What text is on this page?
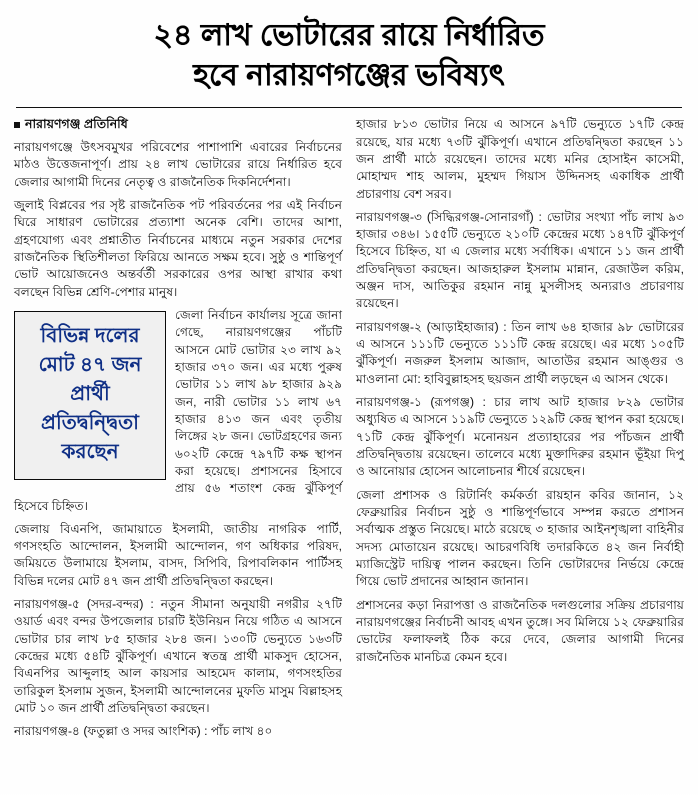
২৪ লাখ ভোটারের রায়ে নির্ধারিত
হবে নারায়ণগঞ্জের ভবিষ্যৎ
নারায়ণগঞ্জ প্রতিনিধি

নারায়ণগঞ্জে উৎসবমুখর পরিবেশের পাশাপাশি এবারের নির্বাচনের মাঠও উত্তেজনাপূর্ণ। প্রায় ২৪ লাখ ভোটারের রায়ে নির্ধারিত হবে জেলার আগামী দিনের নেতৃত্ব ও রাজনৈতিক দিকনির্দেশনা।

জুলাই বিপ্লবের পর সৃষ্ট রাজনৈতিক পট পরিবর্তনের পর এই নির্বাচন ঘিরে সাধারণ ভোটারের প্রত্যাশা অনেক বেশি। তাদের আশা, গ্রহণযোগ্য এবং প্রশ্নাতীত নির্বাচনের মাধ্যমে নতুন সরকার দেশের রাজনৈতিক স্থিতিশীলতা ফিরিয়ে আনতে সক্ষম হবে। সুষ্ঠু ও শান্তিপূর্ণ ভোট আয়োজনেও অন্তর্বর্তী সরকারের ওপর আস্থা রাখার কথা বলছেন বিভিন্ন শ্রেণি-পেশার মানুষ।

বিভিন্ন দলের
মোট ৪৭ জন
প্রার্থী প্রতিদ্বন্দ্বিতা
করছেন

জেলা নির্বাচন কার্যালয় সূত্রে জানা গেছে, নারায়ণগঞ্জের পাঁচটি আসনে মোট ভোটার ২৩ লাখ ৯২ হাজার ৩৭০ জন। এর মধ্যে পুরুষ ভোটার ১১ লাখ ৯৮ হাজার ৯২৯ জন, নারী ভোটার ১১ লাখ ৬৭ হাজার ৪১৩ জন এবং তৃতীয় লিঙ্গের ২৮ জন। ভোটগ্রহণের জন্য ৬০২টি কেন্দ্রে ৭৯৭টি কক্ষ স্থাপন করা হয়েছে। প্রশাসনের হিসাবে প্রায় ৫৬ শতাংশ কেন্দ্র ঝুঁকিপূর্ণ হিসেবে চিহ্নিত।

জেলায় বিএনপি, জামায়াতে ইসলামী, জাতীয় নাগরিক পার্টি, গণসংহতি আন্দোলন, ইসলামী আন্দোলন, গণ অধিকার পরিষদ, জমিয়তে উলামায়ে ইসলাম, বাসদ, সিপিবি, রিপাবলিকান পার্টিসহ বিভিন্ন দলের মোট ৪৭ জন প্রার্থী প্রতিদ্বন্দ্বিতা করছেন।

নারায়ণগঞ্জ-৫ (সদর-বন্দর) : নতুন সীমানা অনুযায়ী নগরীর ২৭টি ওয়ার্ড এবং বন্দর উপজেলার চারটি ইউনিয়ন নিয়ে গঠিত এ আসনে ভোটার চার লাখ ৮৫ হাজার ২৮৪ জন। ১৩০টি ভেন্যুতে ১৬৩টি কেন্দ্রের মধ্যে ৫৪টি ঝুঁকিপূর্ণ। এখানে স্বতন্ত্র প্রার্থী মাকসুদ হোসেন, বিএনপির আব্দুলাহ আল কায়সার আহমেদ কালাম, গণসংহতির তারিকুল ইসলাম সুজন, ইসলামী আন্দোলনের মুফতি মাসুম বিল্লাহসহ মোট ১০ জন প্রার্থী প্রতিদ্বন্দ্বিতা করছেন।

নারায়ণগঞ্জ-৪ (ফতুল্লা ও সদর আংশিক) : পাঁচ লাখ ৪০

হাজার ৮১৩ ভোটার নিয়ে এ আসনে ৯৭টি ভেন্যুতে ১৭টি কেন্দ্র রয়েছে, যার মধ্যে ৭৩টি ঝুঁকিপূর্ণ। এখানে প্রতিদ্বন্দ্বিতা করছেন ১১ জন প্রার্থী মাঠে রয়েছেন। তাদের মধ্যে মনির হোসাইন কাসেমী, মোহাম্মদ শাহ আলম, মুহম্মদ গিয়াস উদ্দিনসহ একাধিক প্রার্থী প্রচারণায় বেশ সরব।

নারায়ণগঞ্জ-৩ (সিদ্ধিরগঞ্জ-সোনারগাঁ) : ভোটার সংখ্যা পাঁচ লাখ ৯৩ হাজার ৩৪৬। ১৫৫টি ভেন্যুতে ২১০টি কেন্দ্রের মধ্যে ১৪৭টি ঝুঁকিপূর্ণ হিসেবে চিহ্নিত, যা এ জেলার মধ্যে সর্বাধিক। এখানে ১১ জন প্রার্থী প্রতিদ্বন্দ্বিতা করছেন। আজহারুল ইসলাম মান্নান, রেজাউল করিম, অঞ্জন দাস, আতিকুর রহমান নান্নু মুসলীসহ অন্যরাও প্রচারণায় রয়েছেন।

নারায়ণগঞ্জ-২ (আড়াইহাজার) : তিন লাখ ৬৪ হাজার ৯৮ ভোটারের এ আসনে ১১১টি ভেন্যুতে ১১১টি কেন্দ্র রয়েছে। এর মধ্যে ১০৫টি ঝুঁকিপূর্ণ। নজরুল ইসলাম আজাদ, আতাউর রহমান আঙ্গুর ও মাওলানা মো: হাবিবুল্লাহসহ ছয়জন প্রার্থী লড়ছেন এ আসন থেকে।

নারায়ণগঞ্জ-১ (রূপগঞ্জ) : চার লাখ আট হাজার ৮২৯ ভোটার অধ্যুষিত এ আসনে ১১৯টি ভেন্যুতে ১২৯টি কেন্দ্র স্থাপন করা হয়েছে। ৭১টি কেন্দ্র ঝুঁকিপূর্ণ। মনোনয়ন প্রত্যাহারের পর পাঁচজন প্রার্থী প্রতিদ্বন্দ্বিতায় রয়েছেন। তালেবে মধ্যে মুক্তাদিরুর রহমান ভূঁইয়া দিপু ও আনোয়ার হোসেন আলোচনার শীর্ষে রয়েছেন।

জেলা প্রশাসক ও রিটার্নিং কর্মকর্তা রায়হান কবির জানান, ১২ ফেব্রুয়ারির নির্বাচন সুষ্ঠু ও শান্তিপূর্ণভাবে সম্পন্ন করতে প্রশাসন সর্বাত্মক প্রস্তুত নিয়েছে। মাঠে রয়েছে ৩ হাজার আইনশৃঙ্খলা বাহিনীর সদস্য মোতায়েন রয়েছে। আচরণবিধি তদারকিতে ৪২ জন নির্বাহী ম্যাজিস্ট্রেট দায়িত্ব পালন করছেন। তিনি ভোটারদের নির্ভয়ে কেন্দ্রে গিয়ে ভোট প্রদানের আহ্বান জানান।

প্রশাসনের কড়া নিরাপত্তা ও রাজনৈতিক দলগুলোর সক্রিয় প্রচারণায় নারায়ণগঞ্জের নির্বাচনী আবহ এখন তুঙ্গে। সব মিলিয়ে ১২ ফেব্রুয়ারির ভোটের ফলাফলই ঠিক করে দেবে, জেলার আগামী দিনের রাজনৈতিক মানচিত্র কেমন হবে।
